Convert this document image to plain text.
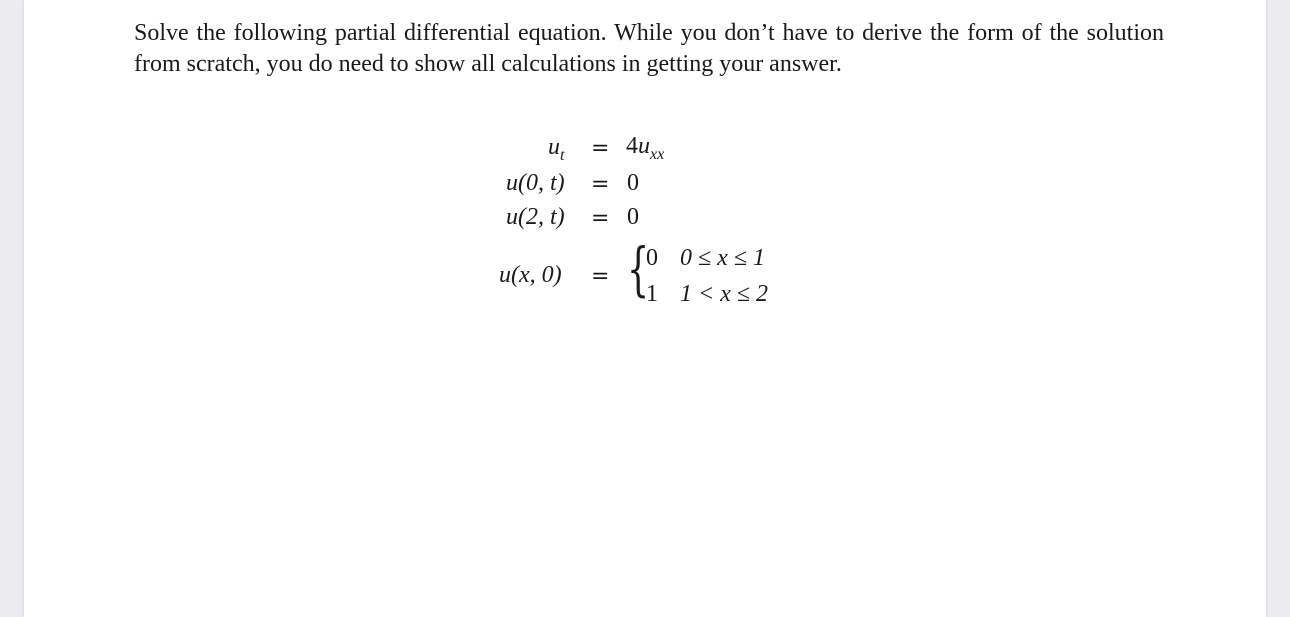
Solve the following partial differential equation. While you don’t have to derive the form of the solution from scratch, you do need to show all calculations in getting your answer.
$u_t = 4u_{xx}$
u(0, t) = 0
u(2, t) = 0
u(x, 0) = {
0 0 ≤ x ≤ 1
1 1 < x ≤ 2
